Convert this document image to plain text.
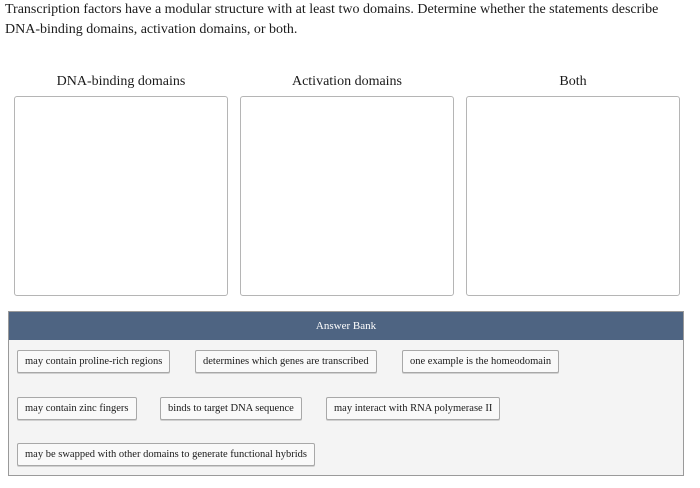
Transcription factors have a modular structure with at least two domains. Determine whether the statements describe
DNA-binding domains, activation domains, or both.

DNA-binding domains	Activation domains	Both
Answer Bank
may contain proline-rich regions	determines which genes are transcribed	one example is the homeodomain
may contain zinc fingers	binds to target DNA sequence	may interact with RNA polymerase II
may be swapped with other domains to generate functional hybrids
